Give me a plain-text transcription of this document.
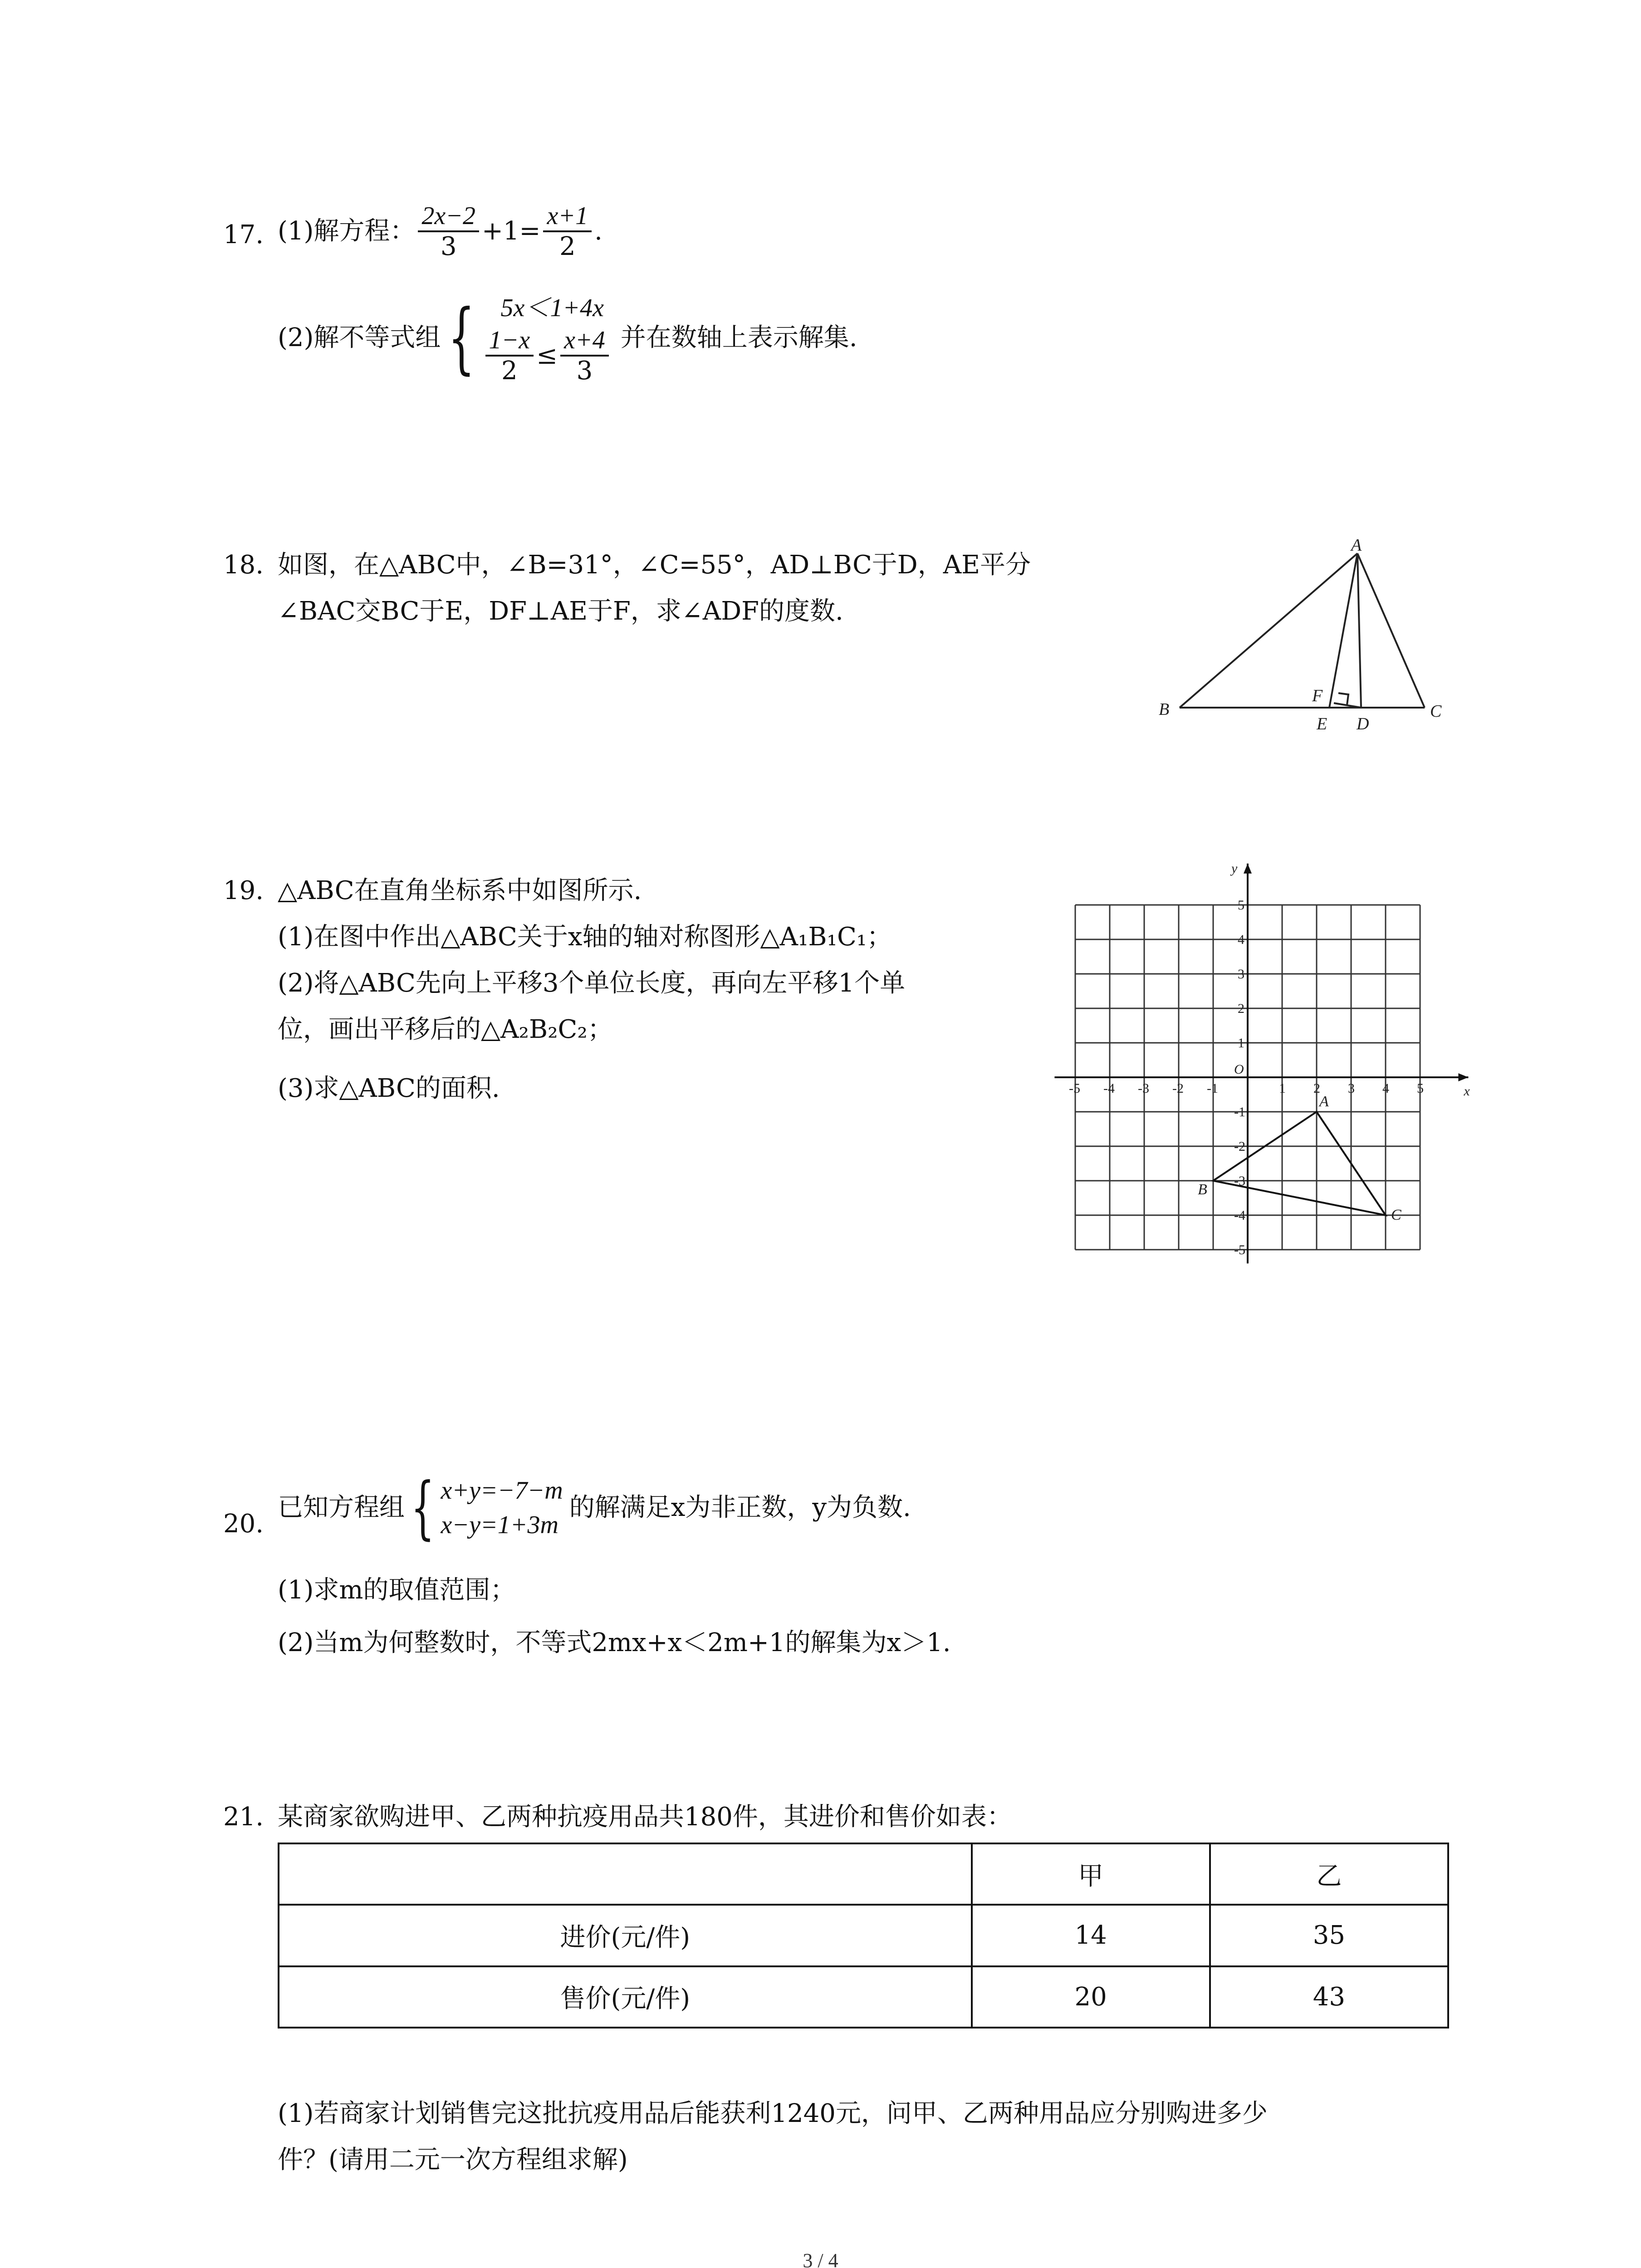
17. (1)解方程： $\frac{2x-2}{3} +1= \frac{x+1}{2}$ .
(2)解不等式组{	5x＜1+4x
$\frac{1-x}{2} \le \frac{x+4}{3}$ 并在数轴上表示解集.
18. 如图，在△ABC中，∠B=31°，∠C=55°，AD⊥BC于D，AE平分
∠BAC交BC于E，DF⊥AE于F，求∠ADF的度数.
A
B	C
D
E
F
19. △ABC在直角坐标系中如图所示.
(1)在图中作出△ABC关于x轴的轴对称图形△A₁B₁C₁；
(2)将△ABC先向上平移3个单位长度，再向左平移1个单
位，画出平移后的△A₂B₂C₂；
(3)求△ABC的面积.	x
y
O
-5 -4 -3 -2 -1	1 2 3 4 5
5
4
3
2
1
-1
-2
-3
-4
-5
A
B
C
20.
已知方程组{ x+y=−7−m
x−y=1+3m
的解满足x为非正数，y为负数.
(1)求m的取值范围；
(2)当m为何整数时，不等式2mx+x＜2m+1的解集为x＞1.
21. 某商家欲购进甲、乙两种抗疫用品共180件，其进价和售价如表：
	甲	乙
进价(元/件)	14	35
售价(元/件)	20	43
(1)若商家计划销售完这批抗疫用品后能获利1240元，问甲、乙两种用品应分别购进多少
件？(请用二元一次方程组求解)
3 / 4
